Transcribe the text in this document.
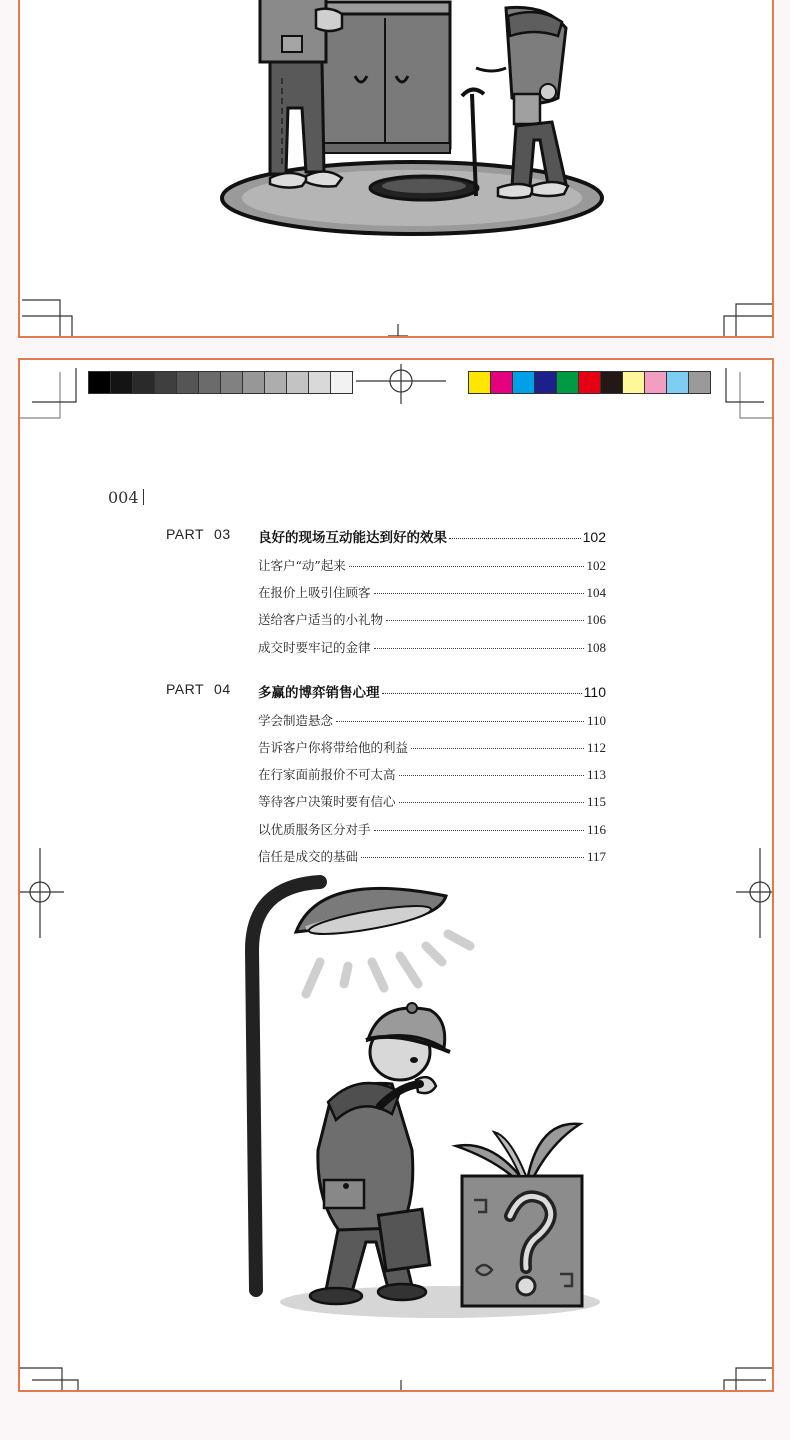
004
PART 03 良好的现场互动能达到好的效果	102
让客户“动”起来	102
在报价上吸引住顾客	104
送给客户适当的小礼物	106
成交时要牢记的金律	108
PART 04 多赢的博弈销售心理	110
学会制造悬念	110
告诉客户你将带给他的利益	112
在行家面前报价不可太高	113
等待客户决策时要有信心	115
以优质服务区分对手	116
信任是成交的基础	117
